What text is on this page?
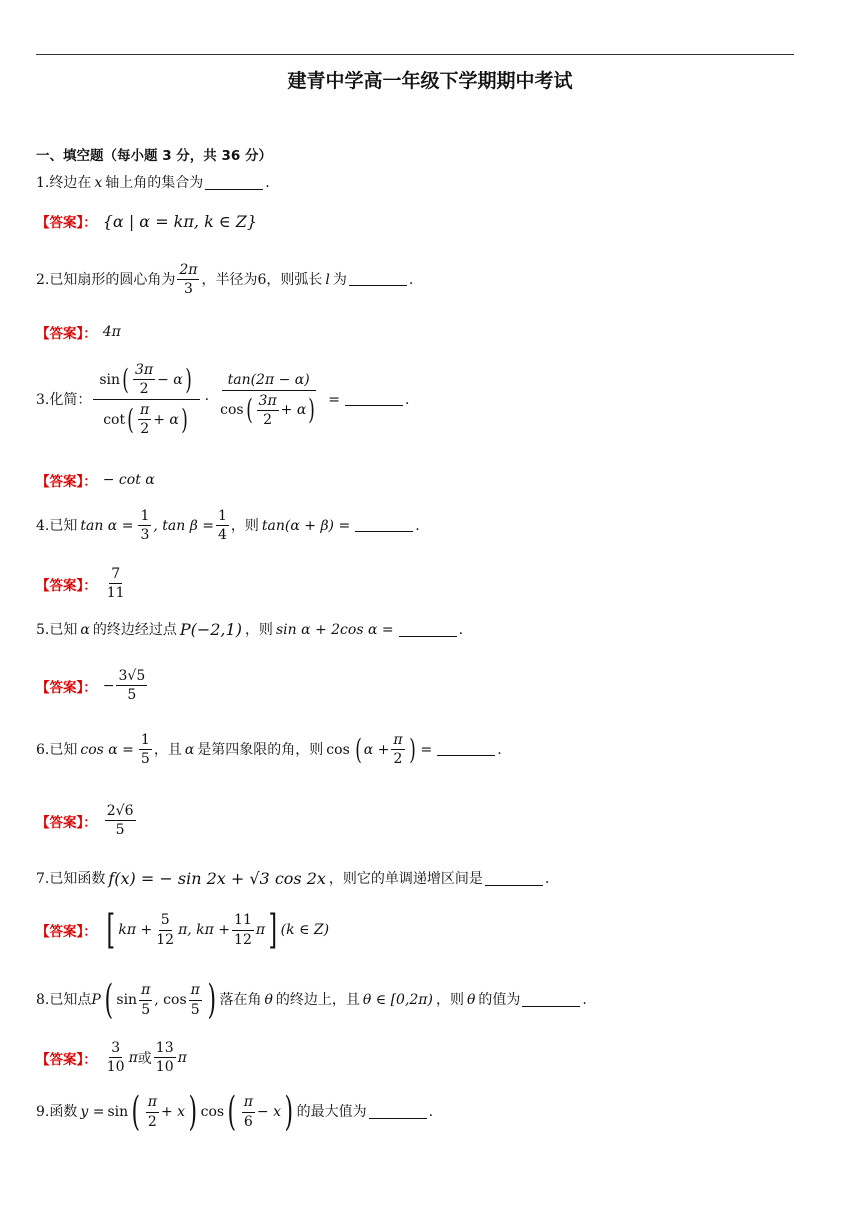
建青中学高一年级下学期期中考试
一、填空题（每小题 3 分，共 36 分）
1.终边在 x 轴上角的集合为	.
【答案】： {α | α = kπ, k ∈ Z}
2.已知扇形的圆心角为 $\frac{2\pi}{3}$ ，半径为6，则弧长 l 为	.
【答案】： 4π
3.化简： $\frac{\sin ( \frac{3\pi}{2} - \alpha )}{\cot ( \frac{\pi}{2} + \alpha )} \cdot \frac{\tan(2\pi - \alpha)}{\cos ( \frac{3\pi}{2} + \alpha )}$ =	.
【答案】： − cot α
4.已知 $\tan \alpha = \frac{1}{3}$ , $\tan \beta = \frac{1}{4}$ ，则 tan(α + β) =	.
【答案】： $\frac{7}{11}$
5.已知 α 的终边经过点 P(−2,1) ，则 sin α + 2cos α =	.
【答案】： − $\frac{3√5}{5}$
6.已知 $\cos \alpha = \frac{1}{5}$ ，且 α 是第四象限的角，则 cos ( $\alpha + \frac{\pi}{2}$ ) =	.
【答案】： $\frac{2√6}{5}$
7.已知函数 f(x) = − sin 2x + √3 cos 2x ，则它的单调递增区间是	.
【答案】： [ $k\pi + \frac{5}{12} \pi$, $k\pi + \frac{11}{12}$ π ] (k ∈ Z)
8.已知点 P ( $\sin \frac{\pi}{5}$ , $\cos \frac{\pi}{5}$ ) 落在角 θ 的终边上，且 θ ∈ [0,2π) ，则 θ 的值为	.
【答案】： $\frac{3}{10}$ π 或 $\frac{13}{10}$ π
9.函数 y = sin ( $\frac{\pi}{2} + x$ ) cos ( $\frac{\pi}{6} - x$ ) 的最大值为	.
